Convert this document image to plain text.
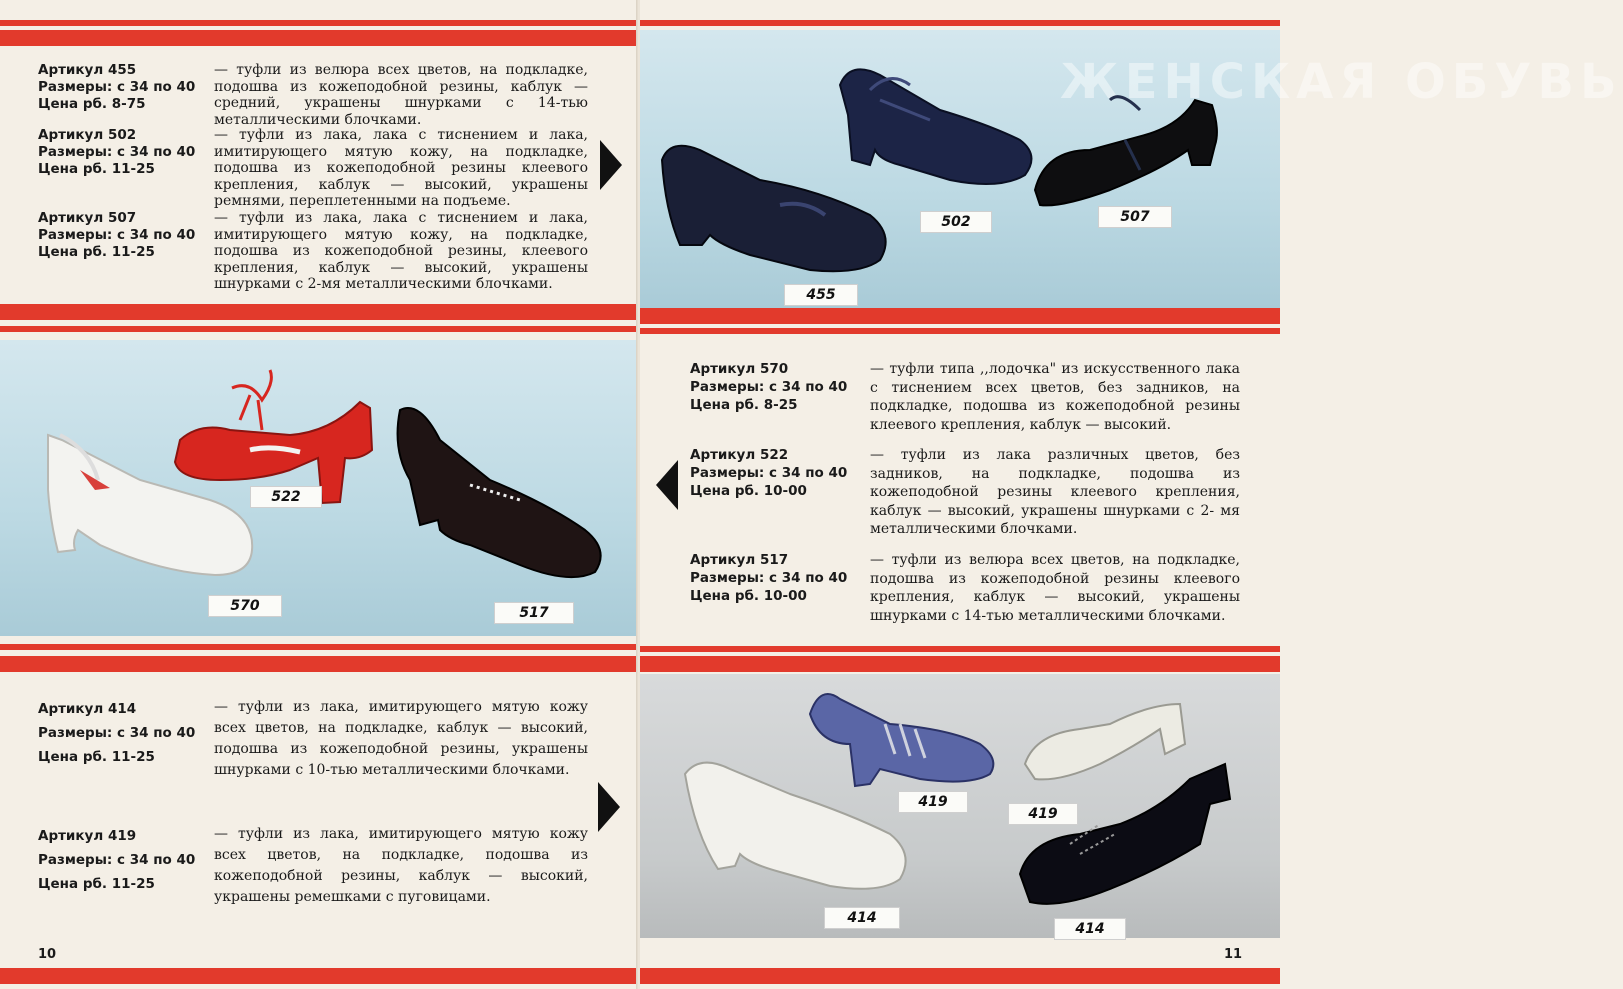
Артикул 455
Размеры: с 34 по 40
Цена рб. 8-75
— туфли из велюра всех цветов, на подкладке, подошва из кожеподобной резины, каблук — средний, украшены шнурками с 14-тью металлическими блочками.
Артикул 502
Размеры: с 34 по 40
Цена рб. 11-25
— туфли из лака, лака с тиснением и лака, имитирующего мятую кожу, на подкладке, подошва из кожеподобной резины клеевого крепления, каблук — высокий, украшены ремнями, переплетенными на подъеме.
Артикул 507
Размеры: с 34 по 40
Цена рб. 11-25
— туфли из лака, лака с тиснением и лака, имитирующего мятую кожу, на подкладке, подошва из кожеподобной резины, клеевого крепления, каблук — высокий, украшены шнурками с 2-мя металлическими блочками.
522
570	517
Артикул 414
Размеры: с 34 по 40
Цена рб. 11-25
— туфли из лака, имитирующего мятую кожу всех цветов, на подкладке, каблук — высокий, подошва из кожеподобной резины, украшены шнурками с 10-тью металлическими блочками.
Артикул 419
Размеры: с 34 по 40
Цена рб. 11-25
— туфли из лака, имитирующего мятую кожу всех цветов, на подкладке, подошва из кожеподобной резины, каблук — высокий, украшены ремешками с пуговицами.
10
ЖЕНСКАЯ ОБУВЬ
502	507
455
Артикул 570
Размеры: с 34 по 40
Цена рб. 8-25
— туфли типа ,,лодочка" из искусственного лака с тиснением всех цветов, без задников, на подкладке, подошва из кожеподобной резины клеевого крепления, каблук — высокий.
Артикул 522
Размеры: с 34 по 40
Цена рб. 10-00
— туфли из лака различных цветов, без задников, на подкладке, подошва из кожеподобной резины клеевого крепления, каблук — высокий, украшены шнурками с 2- мя металлическими блочками.
Артикул 517
Размеры: с 34 по 40
Цена рб. 10-00
— туфли из велюра всех цветов, на подкладке, подошва из кожеподобной резины клеевого крепления, каблук — высокий, украшены шнурками с 14-тью металлическими блочками.
419
419
414
414
11
